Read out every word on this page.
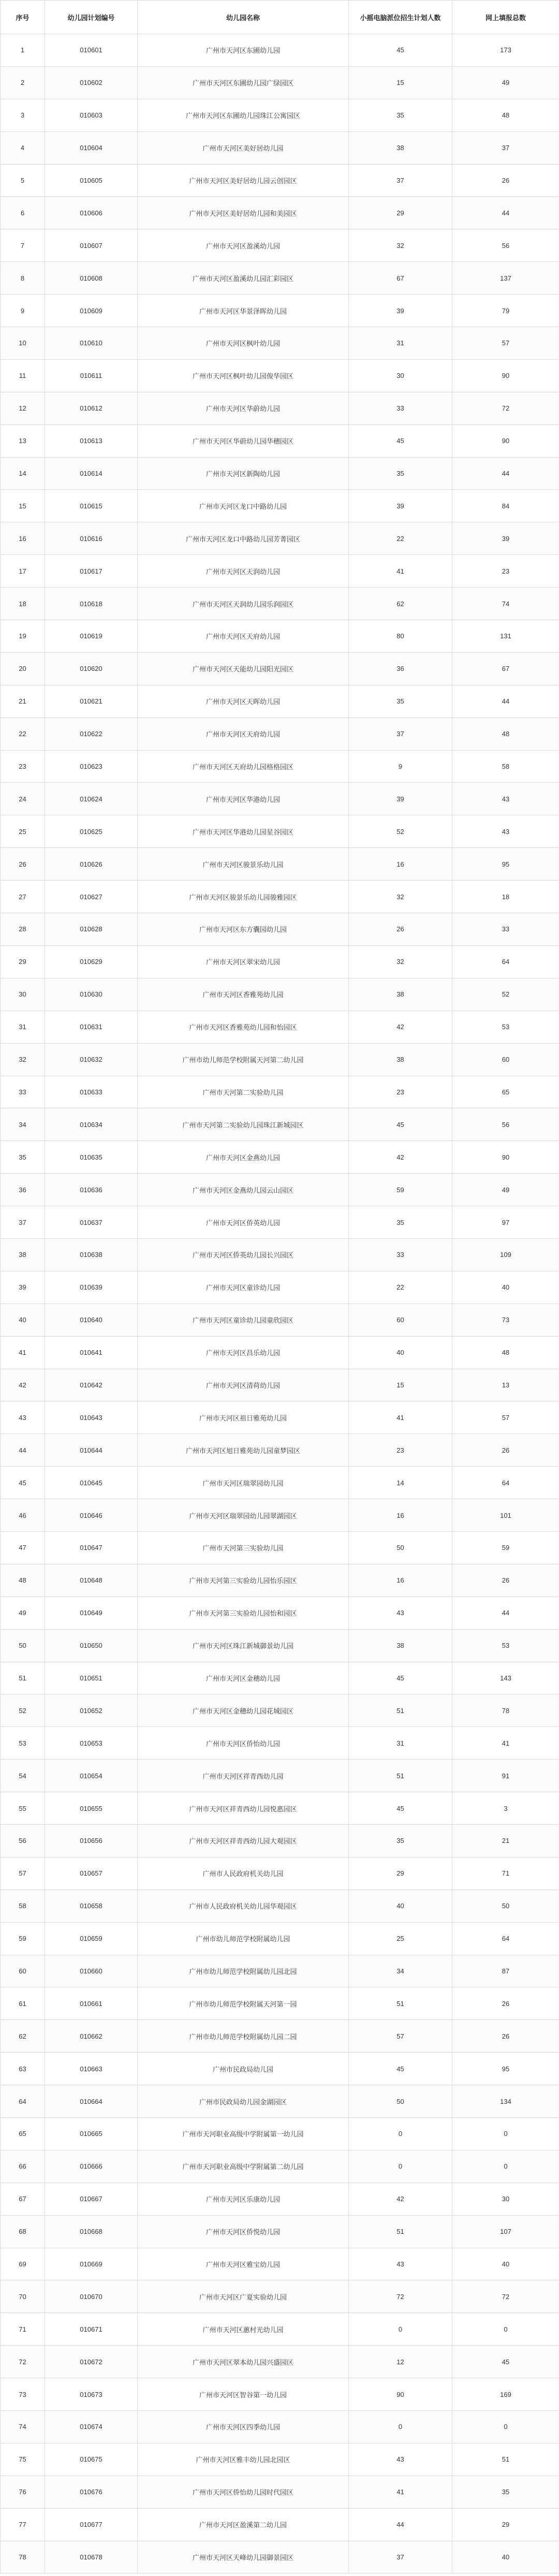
序号	幼儿园计划编号	幼儿园名称	小摇电脑派位招生计划人数	网上填报总数
1	010601	广州市天河区东圃幼儿园	45	173
2	010602	广州市天河区东圃幼儿园广绿园区	15	49
3	010603	广州市天河区东圃幼儿园珠江公寓园区	35	48
4	010604	广州市天河区美好居幼儿园	38	37
5	010605	广州市天河区美好居幼儿园云创园区	37	26
6	010606	广州市天河区美好居幼儿园和美园区	29	44
7	010607	广州市天河区盈溪幼儿园	32	56
8	010608	广州市天河区盈溪幼儿园汇彩园区	67	137
9	010609	广州市天河区华景泽晖幼儿园	39	79
10	010610	广州市天河区枫叶幼儿园	31	57
11	010611	广州市天河区枫叶幼儿园俊华园区	30	90
12	010612	广州市天河区华蔚幼儿园	33	72
13	010613	广州市天河区华蔚幼儿园华穗园区	45	90
14	010614	广州市天河区新陶幼儿园	35	44
15	010615	广州市天河区龙口中路幼儿园	39	84
16	010616	广州市天河区龙口中路幼儿园芳菁园区	22	39
17	010617	广州市天河区天润幼儿园	41	23
18	010618	广州市天河区天润幼儿园乐润园区	62	74
19	010619	广州市天河区天府幼儿园	80	131
20	010620	广州市天河区天能幼儿园阳光园区	36	67
21	010621	广州市天河区天晖幼儿园	35	44
22	010622	广州市天河区天府幼儿园	37	48
23	010623	广州市天河区天府幼儿园格格园区	9	58
24	010624	广州市天河区华港幼儿园	39	43
25	010625	广州市天河区华港幼儿园星谷园区	52	43
26	010626	广州市天河区骏景乐幼儿园	16	95
27	010627	广州市天河区骏景乐幼儿园骏雅园区	32	18
28	010628	广州市天河区东方囊园幼儿园	26	33
29	010629	广州市天河区翠宋幼儿园	32	64
30	010630	广州市天河区香雅苑幼儿园	38	52
31	010631	广州市天河区香雅苑幼儿园和怡园区	42	53
32	010632	广州市幼儿师范学校附属天河第二幼儿园	38	60
33	010633	广州市天河第二实验幼儿园	23	65
34	010634	广州市天河第二实验幼儿园珠江新城园区	45	56
35	010635	广州市天河区金燕幼儿园	42	90
36	010636	广州市天河区金燕幼儿园云山园区	59	49
37	010637	广州市天河区侨英幼儿园	35	97
38	010638	广州市天河区侨英幼儿园长兴园区	33	109
39	010639	广州市天河区童诊幼儿园	22	40
40	010640	广州市天河区童诊幼儿园童欣园区	60	73
41	010641	广州市天河区昌乐幼儿园	40	48
42	010642	广州市天河区清荷幼儿园	15	13
43	010643	广州市天河区祖日雅苑幼儿园	41	57
44	010644	广州市天河区旭日雅苑幼儿园童梦园区	23	26
45	010645	广州市天河区瑞翠园幼儿园	14	64
46	010646	广州市天河区瑞翠园幼儿园翠湖园区	16	101
47	010647	广州市天河第三实验幼儿园	50	59
48	010648	广州市天河第三实验幼儿园怡乐园区	16	26
49	010649	广州市天河第三实验幼儿园怡和园区	43	44
50	010650	广州市天河区珠江新城御景幼儿园	38	53
51	010651	广州市天河区金穗幼儿园	45	143
52	010652	广州市天河区金穗幼儿园花城园区	51	78
53	010653	广州市天河区侨怡幼儿园	31	41
54	010654	广州市天河区祥青西幼儿园	51	91
55	010655	广州市天河区祥青西幼儿园悦惠园区	45	3
56	010656	广州市天河区祥青西幼儿园大观园区	35	21
57	010657	广州市人民政府机关幼儿园	29	71
58	010658	广州市人民政府机关幼儿园华观园区	40	50
59	010659	广州市幼儿师范学校附属幼儿园	25	64
60	010660	广州市幼儿师范学校附属幼儿园北园	34	87
61	010661	广州市幼儿师范学校附属天河第一园	51	26
62	010662	广州市幼儿师范学校附属幼儿园二园	57	26
63	010663	广州市民政局幼儿园	45	95
64	010664	广州市民政局幼儿园金湖园区	50	134
65	010665	广州市天河职业高级中学附属第一幼儿园	0	0
66	010666	广州市天河职业高级中学附属第二幼儿园	0	0
67	010667	广州市天河区乐康幼儿园	42	30
68	010668	广州市天河区侨悦幼儿园	51	107
69	010669	广州市天河区雅宝幼儿园	43	40
70	010670	广州市天河区广夏实验幼儿园	72	72
71	010671	广州市天河区蕙村光幼儿园	0	0
72	010672	广州市天河区翠本幼儿园兴盛园区	12	45
73	010673	广州市天河区智谷第一幼儿园	90	169
74	010674	广州市天河区四季幼儿园	0	0
75	010675	广州市天河区雅丰幼儿园北园区	43	51
76	010676	广州市天河区侨怡幼儿园时代园区	41	35
77	010677	广州市天河区盈溪第二幼儿园	44	29
78	010678	广州市天河区天峰幼儿园御景园区	37	40
